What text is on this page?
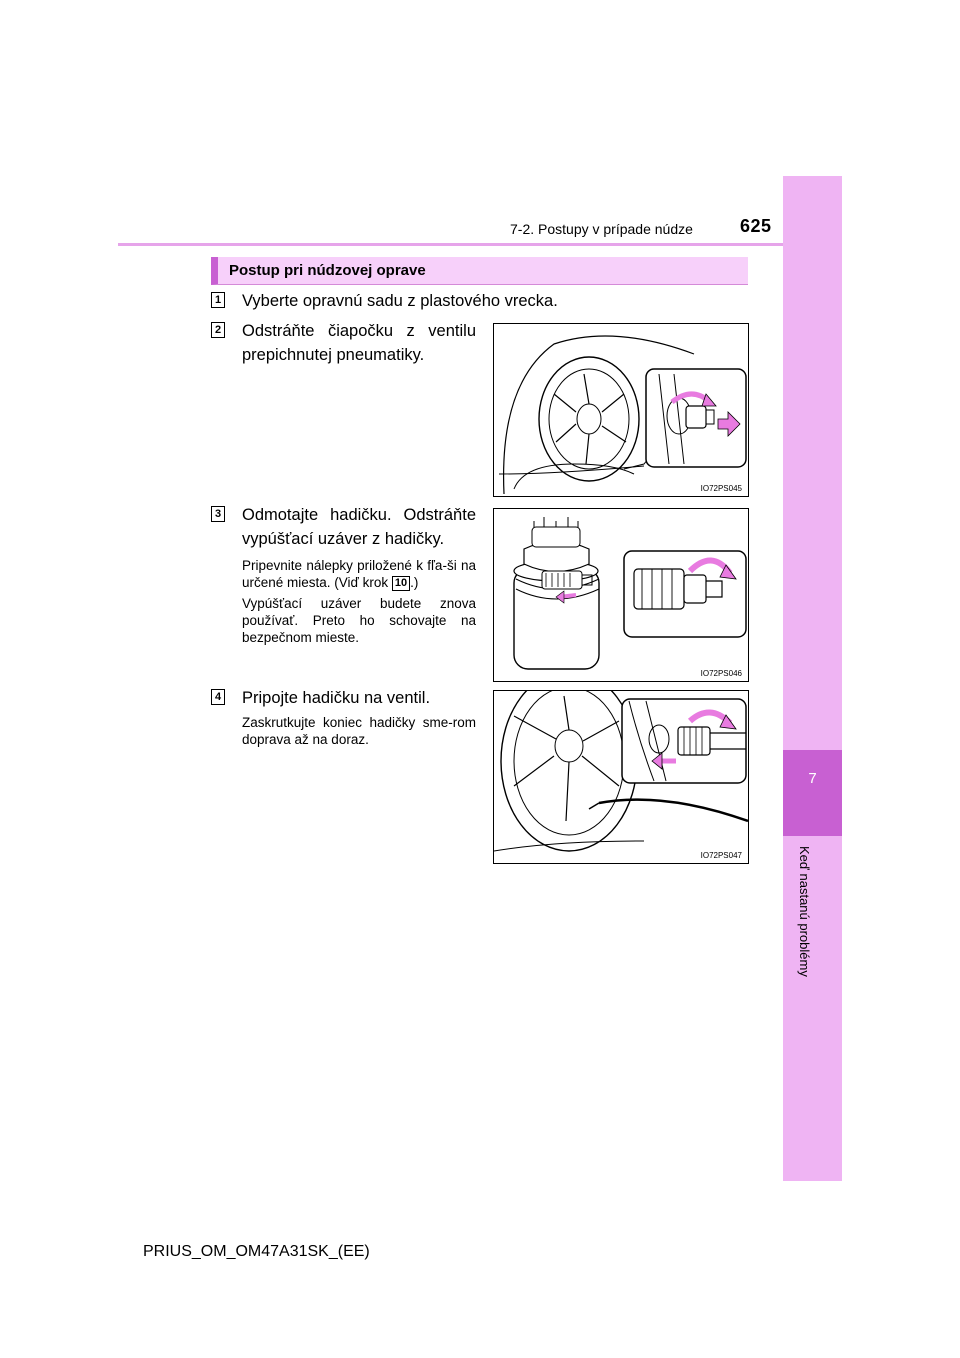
7-2. Postupy v prípade núdze	625
7
Keď nastanú problémy
Postup pri núdzovej oprave
1 Vyberte opravnú sadu z plastového vrecka.
2 Odstráňte čiapočku z ventilu prepichnutej pneumatiky.
IO72PS045
3 Odmotajte hadičku. Odstráňte vypúšťací uzáver z hadičky.
Pripevnite nálepky priložené k fľa-ši na určené miesta. (Viď krok 10 .)
Vypúšťací uzáver budete znova používať. Preto ho schovajte na bezpečnom mieste.
IO72PS046
4 Pripojte hadičku na ventil.
Zaskrutkujte koniec hadičky sme-rom doprava až na doraz.
IO72PS047
PRIUS_OM_OM47A31SK_(EE)
